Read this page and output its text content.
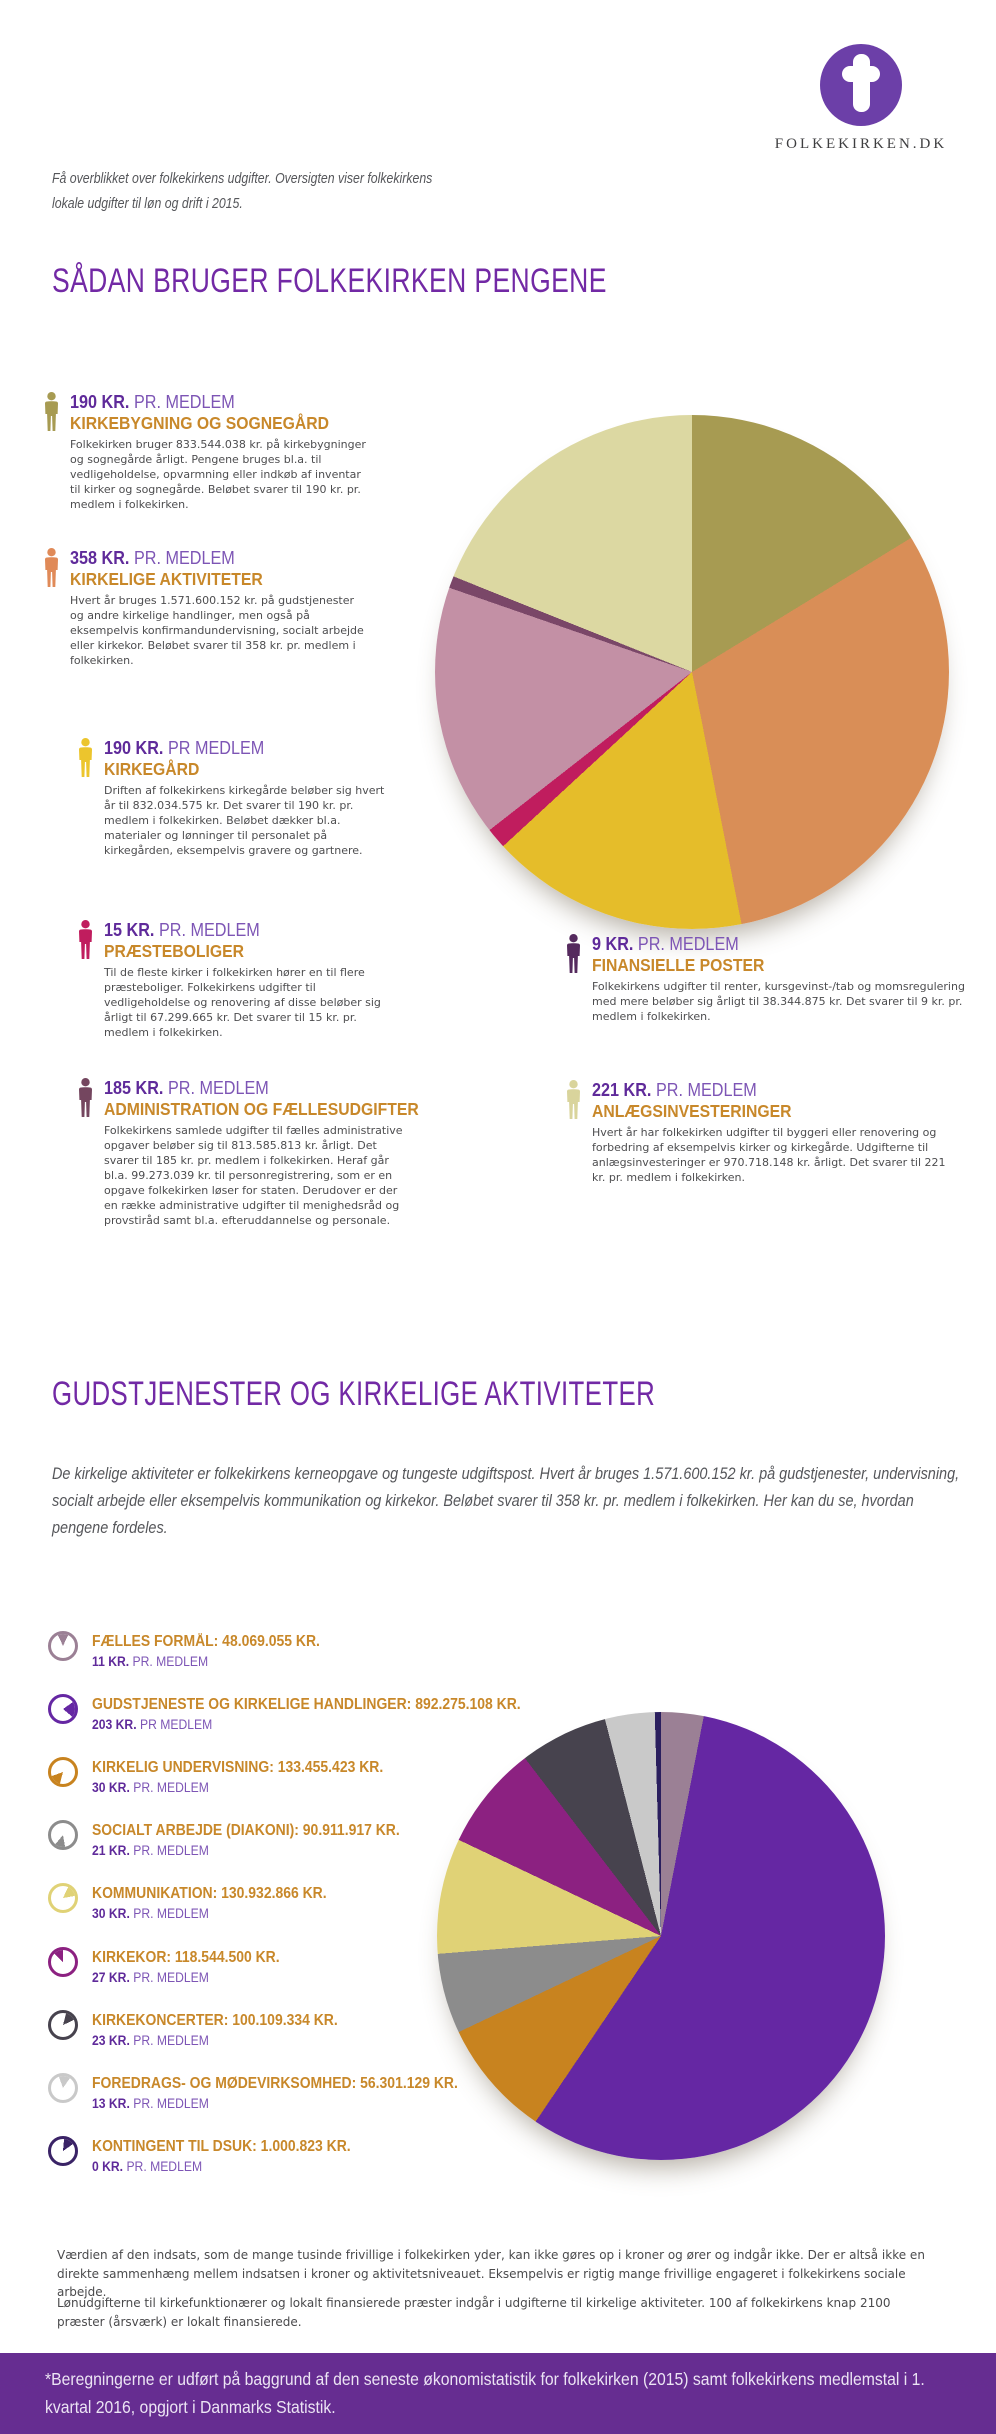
FOLKEKIRKEN.DK
Få overblikket over folkekirkens udgifter. Oversigten viser folkekirkens lokale udgifter til løn og drift i 2015.
SÅDAN BRUGER FOLKEKIRKEN PENGENE
190 KR. PR. MEDLEM
KIRKEBYGNING OG SOGNEGÅRD
Folkekirken bruger 833.544.038 kr. på kirkebygninger og sognegårde årligt. Pengene bruges bl.a. til vedligeholdelse, opvarmning eller indkøb af inventar til kirker og sognegårde. Beløbet svarer til 190 kr. pr. medlem i folkekirken.
358 KR. PR. MEDLEM
KIRKELIGE AKTIVITETER
Hvert år bruges 1.571.600.152 kr. på gudstjenester og andre kirkelige handlinger, men også på eksempelvis konfirmandundervisning, socialt arbejde eller kirkekor. Beløbet svarer til 358 kr. pr. medlem i folkekirken.
190 KR. PR MEDLEM
KIRKEGÅRD
Driften af folkekirkens kirkegårde beløber sig hvert år til 832.034.575 kr. Det svarer til 190 kr. pr. medlem i folkekirken. Beløbet dækker bl.a. materialer og lønninger til personalet på kirkegården, eksempelvis gravere og gartnere.
15 KR. PR. MEDLEM
PRÆSTEBOLIGER
Til de fleste kirker i folkekirken hører en til flere præsteboliger. Folkekirkens udgifter til vedligeholdelse og renovering af disse beløber sig årligt til 67.299.665 kr. Det svarer til 15 kr. pr. medlem i folkekirken.
185 KR. PR. MEDLEM
ADMINISTRATION OG FÆLLESUDGIFTER
Folkekirkens samlede udgifter til fælles administrative opgaver beløber sig til 813.585.813 kr. årligt. Det svarer til 185 kr. pr. medlem i folkekirken. Heraf går bl.a. 99.273.039 kr. til personregistrering, som er en opgave folkekirken løser for staten. Derudover er der en række administrative udgifter til menighedsråd og provstiråd samt bl.a. efteruddannelse og personale.
9 KR. PR. MEDLEM
FINANSIELLE POSTER
Folkekirkens udgifter til renter, kursgevinst-/tab og momsregulering med mere beløber sig årligt til 38.344.875 kr. Det svarer til 9 kr. pr. medlem i folkekirken.
221 KR. PR. MEDLEM
ANLÆGSINVESTERINGER
Hvert år har folkekirken udgifter til byggeri eller renovering og forbedring af eksempelvis kirker og kirkegårde. Udgifterne til anlægsinvesteringer er 970.718.148 kr. årligt. Det svarer til 221 kr. pr. medlem i folkekirken.
GUDSTJENESTER OG KIRKELIGE AKTIVITETER
De kirkelige aktiviteter er folkekirkens kerneopgave og tungeste udgiftspost. Hvert år bruges 1.571.600.152 kr. på gudstjenester, undervisning, socialt arbejde eller eksempelvis kommunikation og kirkekor. Beløbet svarer til 358 kr. pr. medlem i folkekirken. Her kan du se, hvordan pengene fordeles.
FÆLLES FORMÅL: 48.069.055 KR.
11 KR. PR. MEDLEM
GUDSTJENESTE OG KIRKELIGE HANDLINGER: 892.275.108 KR.
203 KR. PR MEDLEM
KIRKELIG UNDERVISNING: 133.455.423 KR.
30 KR. PR. MEDLEM
SOCIALT ARBEJDE (DIAKONI): 90.911.917 KR.
21 KR. PR. MEDLEM
KOMMUNIKATION: 130.932.866 KR.
30 KR. PR. MEDLEM
KIRKEKOR: 118.544.500 KR.
27 KR. PR. MEDLEM
KIRKEKONCERTER: 100.109.334 KR.
23 KR. PR. MEDLEM
FOREDRAGS- OG MØDEVIRKSOMHED: 56.301.129 KR.
13 KR. PR. MEDLEM
KONTINGENT TIL DSUK: 1.000.823 KR.
0 KR. PR. MEDLEM
Værdien af den indsats, som de mange tusinde frivillige i folkekirken yder, kan ikke gøres op i kroner og ører og indgår ikke. Der er altså ikke en direkte sammenhæng mellem indsatsen i kroner og aktivitetsniveauet. Eksempelvis er rigtig mange frivillige engageret i folkekirkens sociale arbejde.
Lønudgifterne til kirkefunktionærer og lokalt finansierede præster indgår i udgifterne til kirkelige aktiviteter. 100 af folkekirkens knap 2100 præster (årsværk) er lokalt finansierede.
*Beregningerne er udført på baggrund af den seneste økonomistatistik for folkekirken (2015) samt folkekirkens medlemstal i 1. kvartal 2016, opgjort i Danmarks Statistik.
